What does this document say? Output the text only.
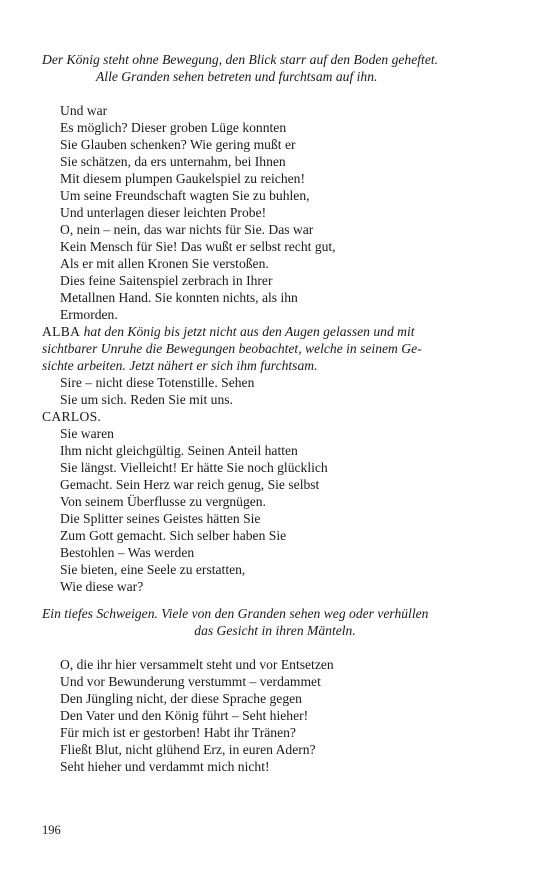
Der König steht ohne Bewegung, den Blick starr auf den Boden geheftet.
Alle Granden sehen betreten und furchtsam auf ihn.
Und war
Es möglich? Dieser groben Lüge konnten
Sie Glauben schenken? Wie gering mußt er
Sie schätzen, da ers unternahm, bei Ihnen
Mit diesem plumpen Gaukelspiel zu reichen!
Um seine Freundschaft wagten Sie zu buhlen,
Und unterlagen dieser leichten Probe!
O, nein – nein, das war nichts für Sie. Das war
Kein Mensch für Sie! Das wußt er selbst recht gut,
Als er mit allen Kronen Sie verstoßen.
Dies feine Saitenspiel zerbrach in Ihrer
Metallnen Hand. Sie konnten nichts, als ihn
Ermorden.
ALBA hat den König bis jetzt nicht aus den Augen gelassen und mit
sichtbarer Unruhe die Bewegungen beobachtet, welche in seinem Ge-
sichte arbeiten. Jetzt nähert er sich ihm furchtsam.
Sire – nicht diese Totenstille. Sehen
Sie um sich. Reden Sie mit uns.
CARLOS.
Sie waren
Ihm nicht gleichgültig. Seinen Anteil hatten
Sie längst. Vielleicht! Er hätte Sie noch glücklich
Gemacht. Sein Herz war reich genug, Sie selbst
Von seinem Überflusse zu vergnügen.
Die Splitter seines Geistes hätten Sie
Zum Gott gemacht. Sich selber haben Sie
Bestohlen – Was werden
Sie bieten, eine Seele zu erstatten,
Wie diese war?
Ein tiefes Schweigen. Viele von den Granden sehen weg oder verhüllen
das Gesicht in ihren Mänteln.
O, die ihr hier versammelt steht und vor Entsetzen
Und vor Bewunderung verstummt – verdammet
Den Jüngling nicht, der diese Sprache gegen
Den Vater und den König führt – Seht hieher!
Für mich ist er gestorben! Habt ihr Tränen?
Fließt Blut, nicht glühend Erz, in euren Adern?
Seht hieher und verdammt mich nicht!
196
